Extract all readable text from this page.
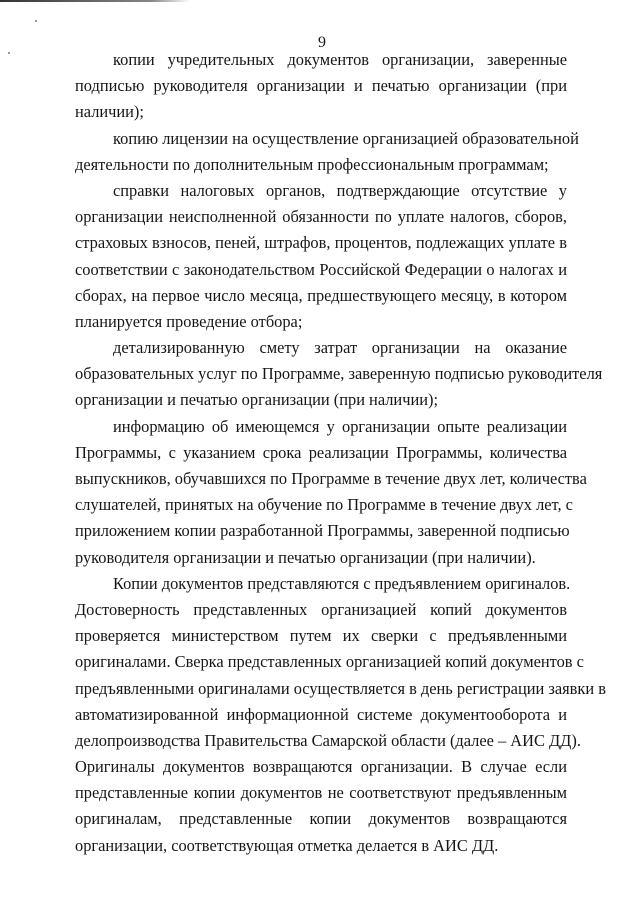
9
копии учредительных документов организации, заверенные
подписью руководителя организации и печатью организации (при
наличии);
копию лицензии на осуществление организацией образовательной
деятельности по дополнительным профессиональным программам;
справки налоговых органов, подтверждающие отсутствие у
организации неисполненной обязанности по уплате налогов, сборов,
страховых взносов, пеней, штрафов, процентов, подлежащих уплате в
соответствии с законодательством Российской Федерации о налогах и
сборах, на первое число месяца, предшествующего месяцу, в котором
планируется проведение отбора;
детализированную смету затрат организации на оказание
образовательных услуг по Программе, заверенную подписью руководителя
организации и печатью организации (при наличии);
информацию об имеющемся у организации опыте реализации
Программы, с указанием срока реализации Программы, количества
выпускников, обучавшихся по Программе в течение двух лет, количества
слушателей, принятых на обучение по Программе в течение двух лет, с
приложением копии разработанной Программы, заверенной подписью
руководителя организации и печатью организации (при наличии).
Копии документов представляются с предъявлением оригиналов.
Достоверность представленных организацией копий документов
проверяется министерством путем их сверки с предъявленными
оригиналами. Сверка представленных организацией копий документов с
предъявленными оригиналами осуществляется в день регистрации заявки в
автоматизированной информационной системе документооборота и
делопроизводства Правительства Самарской области (далее – АИС ДД).
Оригиналы документов возвращаются организации. В случае если
представленные копии документов не соответствуют предъявленным
оригиналам, представленные копии документов возвращаются
организации, соответствующая отметка делается в АИС ДД.
